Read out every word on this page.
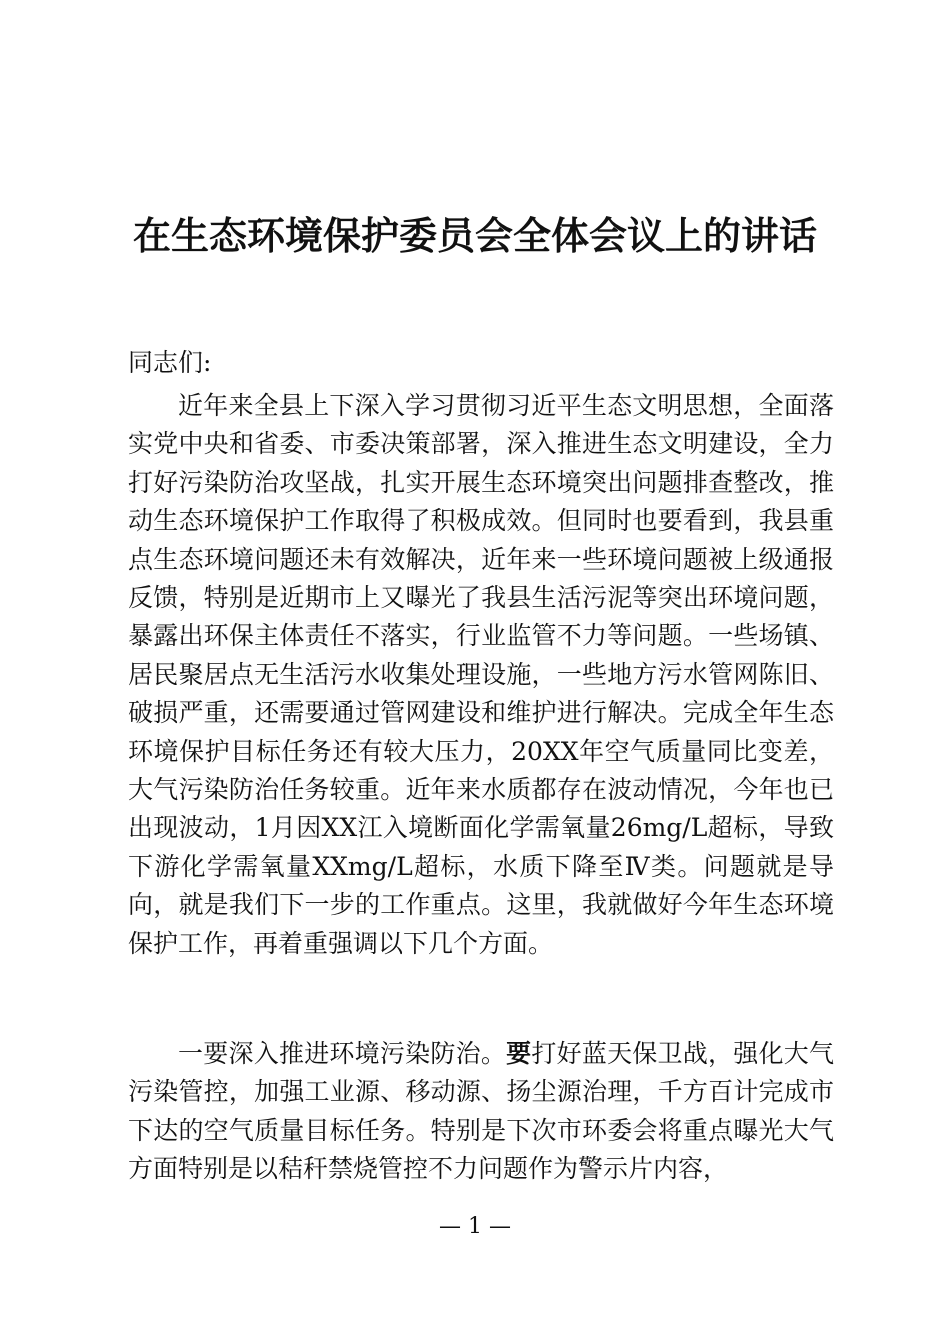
在生态环境保护委员会全体会议上的讲话

同志们:

近年来全县上下深入学习贯彻习近平生态文明思想，全面落实党中央和省委、市委决策部署，深入推进生态文明建设，全力打好污染防治攻坚战，扎实开展生态环境突出问题排查整改，推动生态环境保护工作取得了积极成效。但同时也要看到，我县重点生态环境问题还未有效解决，近年来一些环境问题被上级通报反馈，特别是近期市上又曝光了我县生活污泥等突出环境问题，暴露出环保主体责任不落实，行业监管不力等问题。一些场镇、居民聚居点无生活污水收集处理设施，一些地方污水管网陈旧、破损严重，还需要通过管网建设和维护进行解决。完成全年生态环境保护目标任务还有较大压力，20XX年空气质量同比变差，大气污染防治任务较重。近年来水质都存在波动情况，今年也已出现波动，1月因XX江入境断面化学需氧量26mg/L超标，导致下游化学需氧量XXmg/L超标，水质下降至Ⅳ类。问题就是导向，就是我们下一步的工作重点。这里，我就做好今年生态环境保护工作，再着重强调以下几个方面。

一要深入推进环境污染防治。要打好蓝天保卫战，强化大气污染管控，加强工业源、移动源、扬尘源治理，千方百计完成市下达的空气质量目标任务。特别是下次市环委会将重点曝光大气方面特别是以秸秆禁烧管控不力问题作为警示片内容，

— 1 —
